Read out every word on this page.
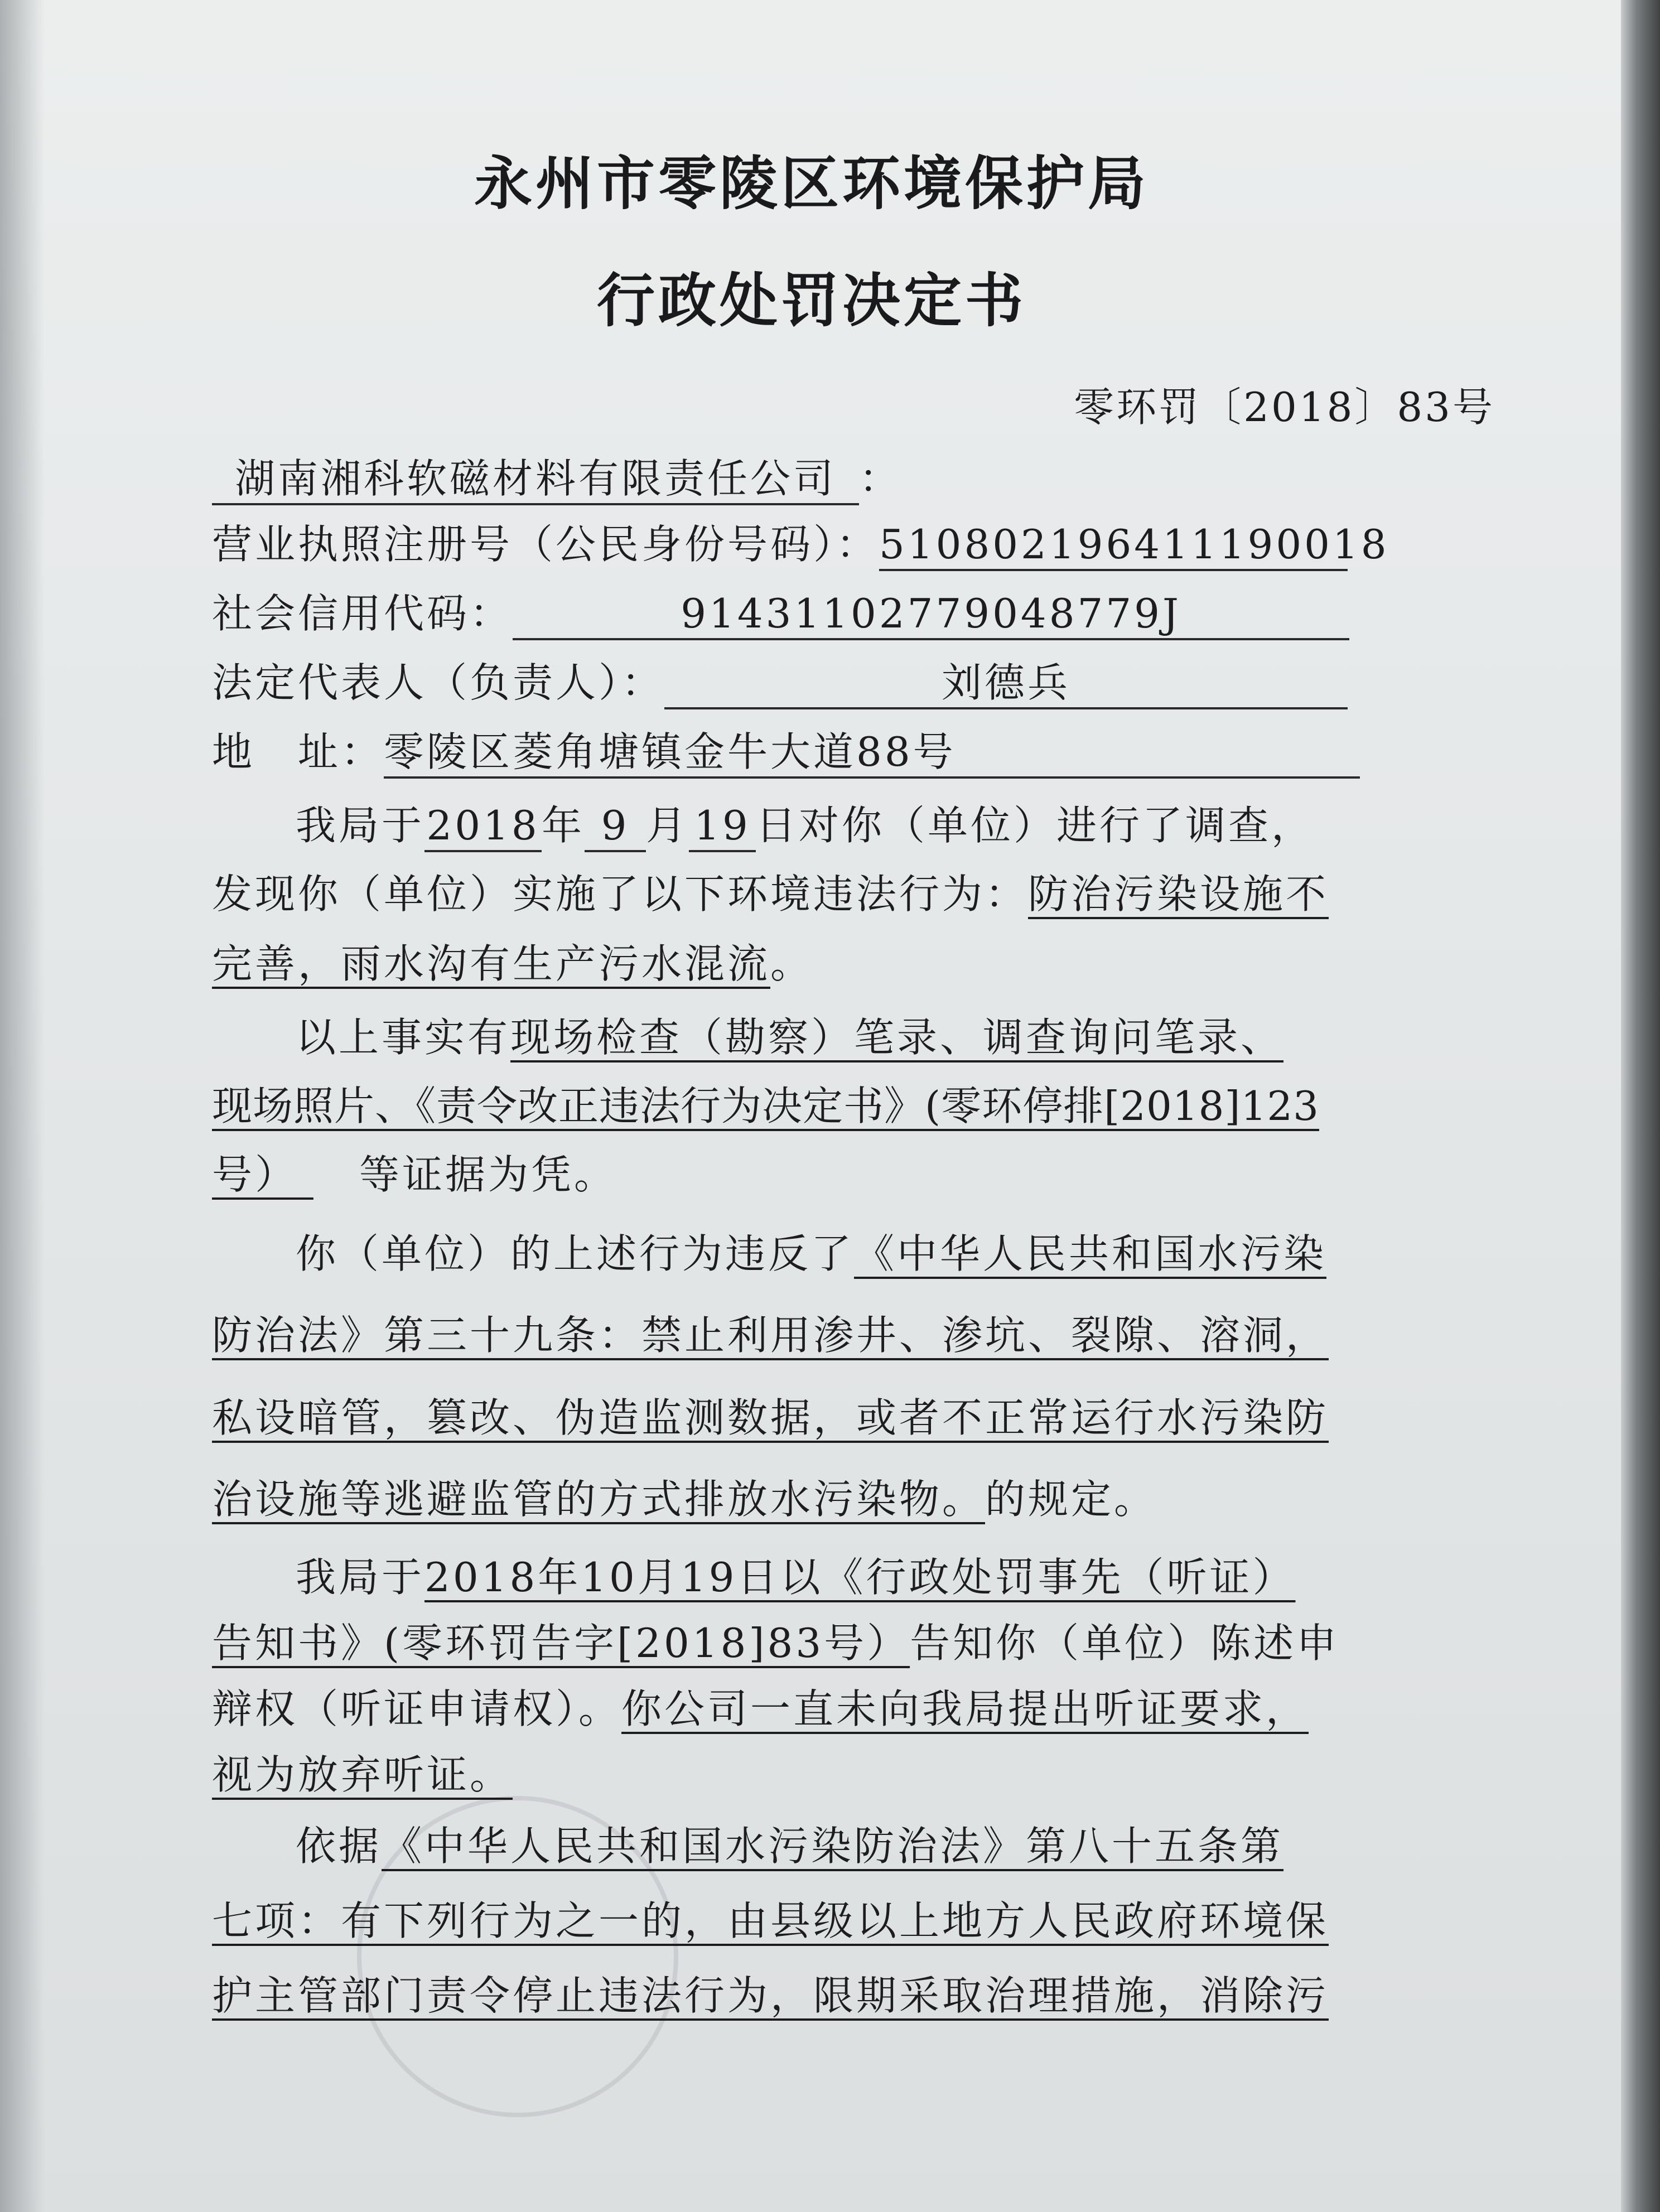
永州市零陵区环境保护局
行政处罚决定书
零环罚〔2018〕83号
湖南湘科软磁材料有限责任公司 ：
营业执照注册号（公民身份号码）：510802196411190018
社会信用代码：	91431102779048779J
法定代表人（负责人）：	刘德兵
地　址：零陵区菱角塘镇金牛大道88号
我局于2018年 9 月 19 日对你（单位）进行了调查，
发现你（单位）实施了以下环境违法行为：防治污染设施不
完善，雨水沟有生产污水混流。
以上事实有现场检查（勘察）笔录、调查询问笔录、
现场照片、《责令改正违法行为决定书》(零环停排[2018]123
号） 等证据为凭。
你（单位）的上述行为违反了《中华人民共和国水污染
防治法》第三十九条：禁止利用渗井、渗坑、裂隙、溶洞，
私设暗管，篡改、伪造监测数据，或者不正常运行水污染防
治设施等逃避监管的方式排放水污染物。的规定。
我局于2018年10月19日以《行政处罚事先（听证）
告知书》(零环罚告字[2018]83号）告知你（单位）陈述申
辩权（听证申请权）。你公司一直未向我局提出听证要求，
视为放弃听证。
依据《中华人民共和国水污染防治法》第八十五条第
七项：有下列行为之一的，由县级以上地方人民政府环境保
护主管部门责令停止违法行为，限期采取治理措施，消除污
